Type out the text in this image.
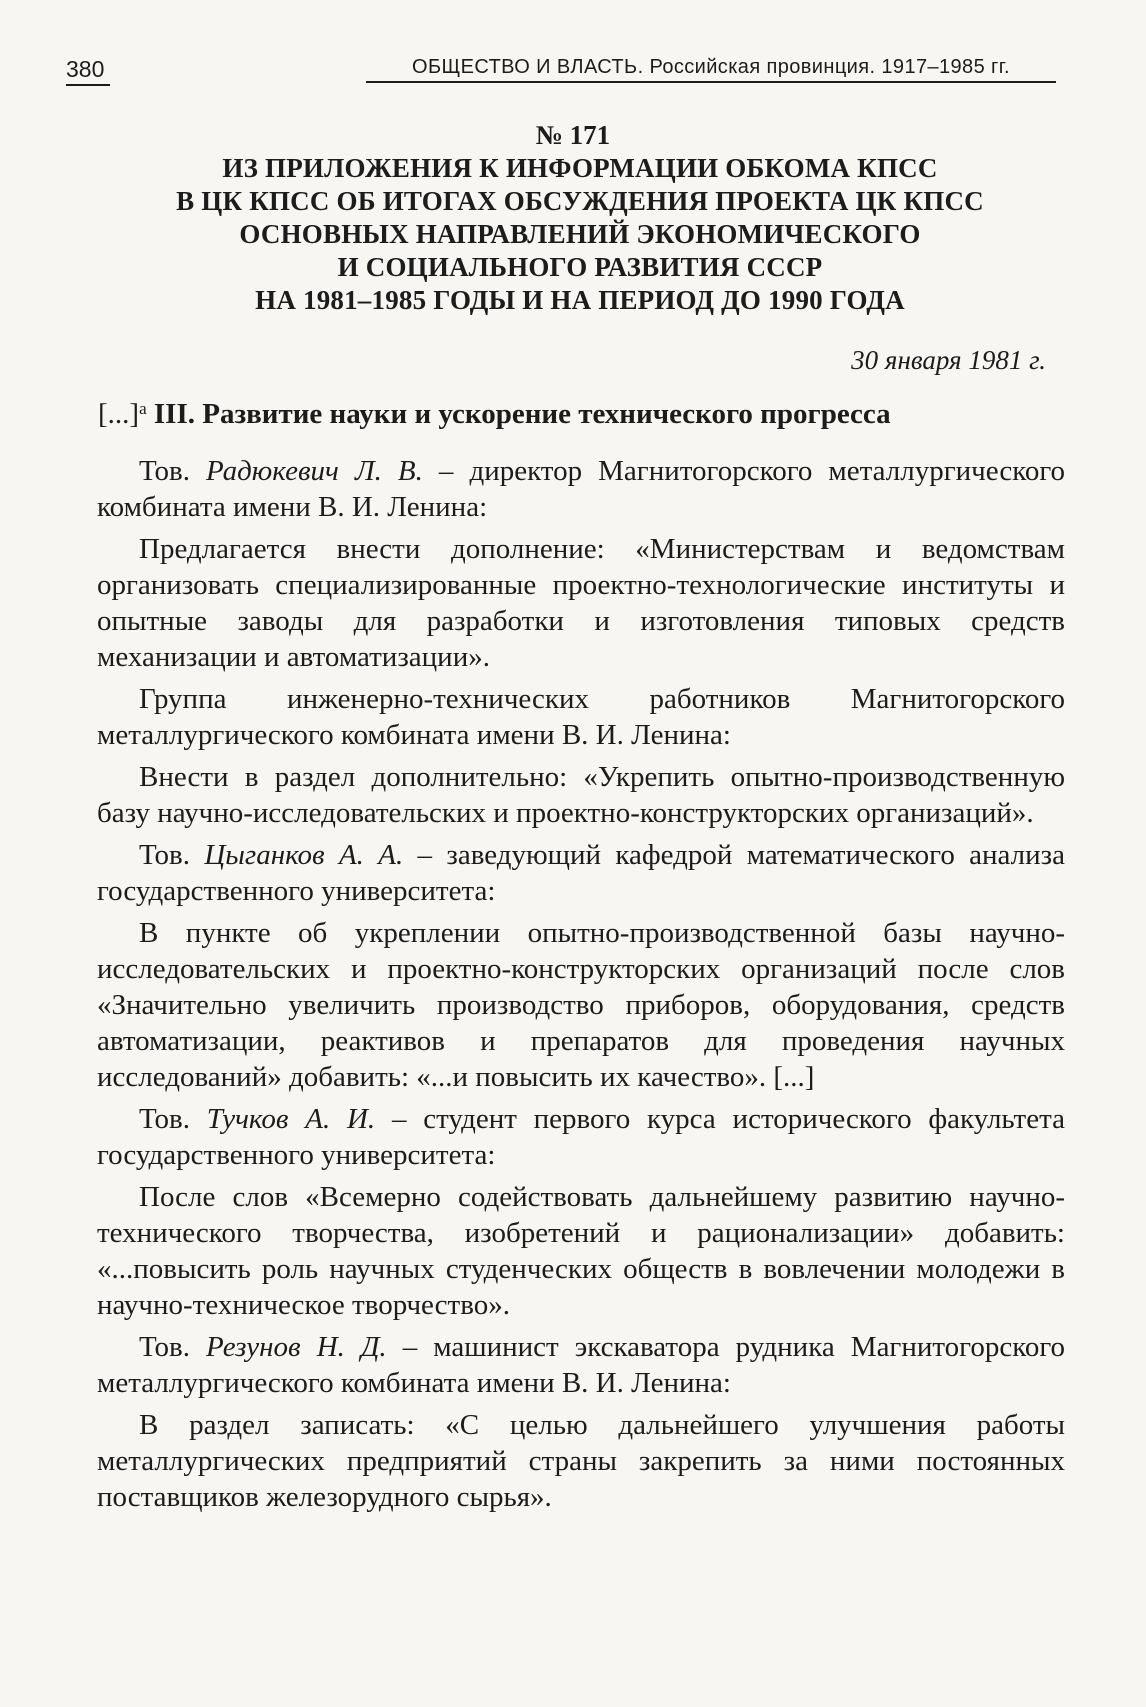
380	ОБЩЕСТВО И ВЛАСТЬ. Российская провинция. 1917–1985 гг.
№ 171
ИЗ ПРИЛОЖЕНИЯ К ИНФОРМАЦИИ ОБКОМА КПСС
В ЦК КПСС ОБ ИТОГАХ ОБСУЖДЕНИЯ ПРОЕКТА ЦК КПСС
ОСНОВНЫХ НАПРАВЛЕНИЙ ЭКОНОМИЧЕСКОГО
И СОЦИАЛЬНОГО РАЗВИТИЯ СССР
НА 1981–1985 ГОДЫ И НА ПЕРИОД ДО 1990 ГОДА
30 января 1981 г.
[...]$^а$ III. Развитие науки и ускорение технического прогресса

Тов. Радюкевич Л. В. – директор Магнитогорского металлургического комбината имени В. И. Ленина:

Предлагается внести дополнение: «Министерствам и ведомствам организовать специализированные проектно-технологические институты и опытные заводы для разработки и изготовления типовых средств механизации и автоматизации».

Группа инженерно-технических работников Магнитогорского металлургического комбината имени В. И. Ленина:

Внести в раздел дополнительно: «Укрепить опытно-производственную базу научно-исследовательских и проектно-конструкторских организаций».

Тов. Цыганков А. А. – заведующий кафедрой математического анализа государственного университета:

В пункте об укреплении опытно-производственной базы научно-исследовательских и проектно-конструкторских организаций после слов «Значительно увеличить производство приборов, оборудования, средств автоматизации, реактивов и препаратов для проведения научных исследований» добавить: «...и повысить их качество». [...]

Тов. Тучков А. И. – студент первого курса исторического факультета государственного университета:

После слов «Всемерно содействовать дальнейшему развитию научно-технического творчества, изобретений и рационализации» добавить: «...повысить роль научных студенческих обществ в вовлечении молодежи в научно-техническое творчество».

Тов. Резунов Н. Д. – машинист экскаватора рудника Магнитогорского металлургического комбината имени В. И. Ленина:

В раздел записать: «С целью дальнейшего улучшения работы металлургических предприятий страны закрепить за ними постоянных поставщиков железорудного сырья».
